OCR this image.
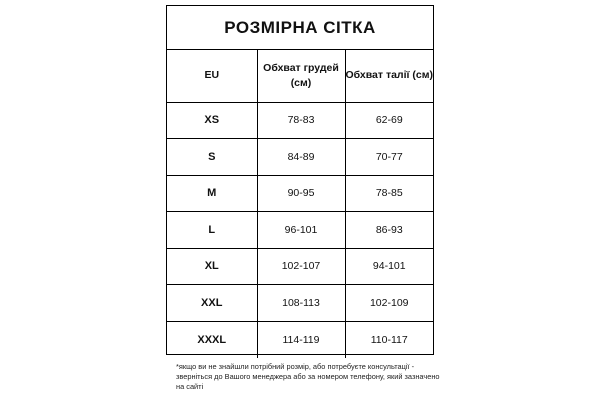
РОЗМІРНА СІТКА
EU	Обхват грудей (см)	Обхват талії (см)
XS	78-83	62-69
S	84-89	70-77
M	90-95	78-85
L	96-101	86-93
XL	102-107	94-101
XXL	108-113	102-109
XXXL	114-119	110-117
*якщо ви не знайшли потрібний розмір, або потребуєте консультації - зверніться до Вашого менеджера або за номером телефону, який зазначено на сайті
